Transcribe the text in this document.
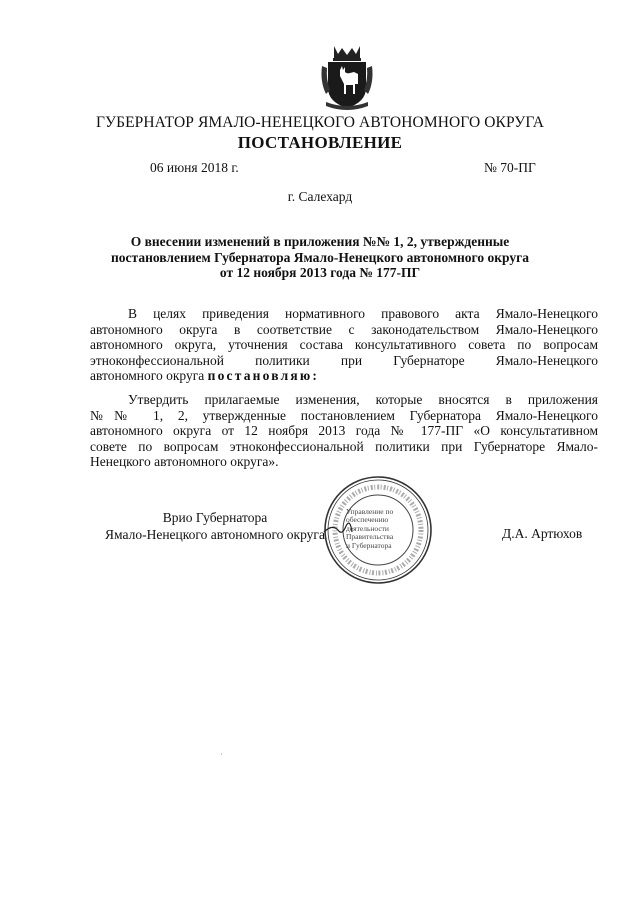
ГУБЕРНАТОР ЯМАЛО-НЕНЕЦКОГО АВТОНОМНОГО ОКРУГА
ПОСТАНОВЛЕНИЕ
06 июня 2018 г.	№ 70-ПГ
г. Салехард
О внесении изменений в приложения №№ 1, 2, утвержденные
постановлением Губернатора Ямало-Ненецкого автономного округа
от 12 ноября 2013 года № 177-ПГ
В целях приведения нормативного правового акта Ямало-Ненецкого
автономного округа в соответствие с законодательством Ямало-Ненецкого
автономного округа, уточнения состава консультативного совета по вопросам
этноконфессиональной политики при Губернаторе Ямало-Ненецкого
автономного округа постановляю:
Утвердить прилагаемые изменения, которые вносятся в приложения
№№ 1, 2, утвержденные постановлением Губернатора Ямало-Ненецкого
автономного округа от 12 ноября 2013 года № 177-ПГ «О консультативном
совете по вопросам этноконфессиональной политики при Губернаторе Ямало-
Ненецкого автономного округа».
Врио Губернатора
Ямало-Ненецкого автономного округа
Управление по
обеспечению
деятельности
Правительства
и Губернатора
Д.А. Артюхов
